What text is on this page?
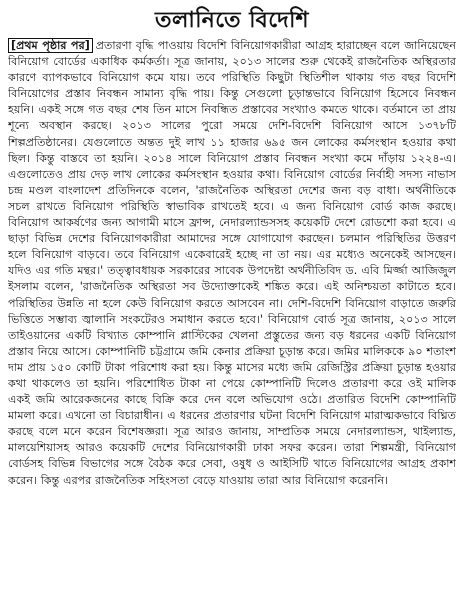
তলানিতে বিদেশি

[প্রথম পৃষ্ঠার পর] প্রতারণা বৃদ্ধি পাওয়ায় বিদেশি বিনিয়োগকারীরা আগ্রহ হারাচ্ছেন বলে জানিয়েছেন বিনিয়োগ বোর্ডের একাধিক কর্মকর্তা। সূত্র জানায়, ২০১৩ সালের শুরু থেকেই রাজনৈতিক অস্থিরতার কারণে ব্যাপকভাবে বিনিয়োগ কমে যায়। তবে পরিস্থিতি কিছুটা স্থিতিশীল থাকায় গত বছর বিদেশি বিনিয়োগের প্রস্তাব নিবন্ধন সামান্য বৃদ্ধি পায়। কিন্তু সেগুলো চূড়ান্তভাবে বিনিয়োগ হিসেবে নিবন্ধন হয়নি। একই সঙ্গে গত বছর শেষ তিন মাসে নিবন্ধিত প্রস্তাবের সংখ্যাও কমতে থাকে। বর্তমানে তা প্রায় শূন্যে অবস্থান করছে। ২০১৩ সালের পুরো সময়ে দেশি-বিদেশি বিনিয়োগ আসে ১৩৭৮টি শিল্পপ্রতিষ্ঠানের। যেগুলোতে অন্তত দুই লাখ ১১ হাজার ৬৯৫ জন লোকের কর্মসংস্থান হওয়ার কথা ছিল। কিন্তু বাস্তবে তা হয়নি। ২০১৪ সালে বিনিয়োগ প্রস্তাব নিবন্ধন সংখ্যা কমে দাঁড়ায় ১২২৪-এ। এগুলোতেও প্রায় দেড় লাখ লোকের কর্মসংস্থান হওয়ার কথা। বিনিয়োগ বোর্ডের নির্বাহী সদস্য নাভাস চন্দ্র মণ্ডল বাংলাদেশ প্রতিদিনকে বলেন, 'রাজনৈতিক অস্থিরতা দেশের জন্য বড় বাধা। অর্থনীতিকে সচল রাখতে বিনিয়োগ পরিস্থিতি স্বাভাবিক রাখতেই হবে। এ জন্য বিনিয়োগ বোর্ড কাজ করছে। বিনিয়োগ আকর্ষণের জন্য আগামী মাসে ফ্রান্স, নেদারল্যান্ডসসহ কয়েকটি দেশে রোডশো করা হবে। এ ছাড়া বিভিন্ন দেশের বিনিয়োগকারীরা আমাদের সঙ্গে যোগাযোগ করছেন। চলমান পরিস্থিতির উত্তরণ হলে বিনিয়োগ বাড়বে। তবে বিনিয়োগ একেবারেই হচ্ছে না তা নয়। এর মধ্যেও অনেকেই আসছেন। যদিও এর গতি মন্থর।' তত্ত্বাবধায়ক সরকারের সাবেক উপদেষ্টা অর্থনীতিবিদ ড. এবি মির্জ্জা আজিজুল ইসলাম বলেন, 'রাজনৈতিক অস্থিরতা সব উদ্যোক্তাকেই শঙ্কিত করে। এই অনিশ্চয়তা কাটাতে হবে। পরিস্থিতির উন্নতি না হলে কেউ বিনিয়োগ করতে আসবেন না। দেশি-বিদেশি বিনিয়োগ বাড়াতে জরুরি ভিত্তিতে সম্ভাব্য জ্বালানি সংকটেরও সমাধান করতে হবে।' বিনিয়োগ বোর্ড সূত্র জানায়, ২০১৩ সালে তাইওয়ানের একটি বিখ্যাত কোম্পানি প্লাস্টিকের খেলনা প্রস্তুতের জন্য বড় ধরনের একটি বিনিয়োগ প্রস্তাব নিয়ে আসে। কোম্পানিটি চট্টগ্রামে জমি কেনার প্রক্রিয়া চূড়ান্ত করে। জমির মালিককে ৯০ শতাংশ দাম প্রায় ১৫০ কোটি টাকা পরিশোধ করা হয়। কিন্তু মাসের মধ্যে জমি রেজিস্ট্রির প্রক্রিয়া চূড়ান্ত হওয়ার কথা থাকলেও তা হয়নি। পরিশোধিত টাকা না পেয়ে কোম্পানিটি দিলেও প্রতারণা করে ওই মালিক একই জমি আরেকজনের কাছে বিক্রি করে দেন বলে অভিযোগ ওঠে। প্রতারিত বিদেশি কোম্পানিটি মামলা করে। এখনো তা বিচারাধীন। এ ধরনের প্রতারণার ঘটনা বিদেশি বিনিয়োগ মারাত্মকভাবে বিঘ্নিত করছে বলে মনে করেন বিশেষজ্ঞরা। সূত্র আরও জানায়, সাম্প্রতিক সময়ে নেদারল্যান্ডস, থাইল্যান্ড, মালয়েশিয়াসহ আরও কয়েকটি দেশের বিনিয়োগকারী ঢাকা সফর করেন। তারা শিল্পমন্ত্রী, বিনিয়োগ বোর্ডসহ বিভিন্ন বিভাগের সঙ্গে বৈঠক করে সেবা, ওষুধ ও আইসিটি খাতে বিনিয়োগের আগ্রহ প্রকাশ করেন। কিন্তু এরপর রাজনৈতিক সহিংসতা বেড়ে যাওয়ায় তারা আর বিনিয়োগ করেননি।
